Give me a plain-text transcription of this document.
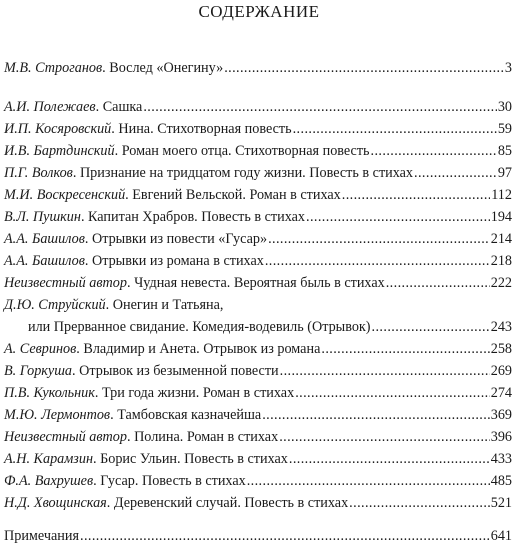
СОДЕРЖАНИЕ
М.В. Строганов . Вослед «Онегину» .....	3
А.И. Полежаев . Сашка .....	30
И.П. Косяровский . Нина. Стихотворная повесть .....	59
И.В. Бартдинский . Роман моего отца. Стихотворная повесть .....	85
П.Г. Волков . Признание на тридцатом году жизни. Повесть в стихах .....	97
М.И. Воскресенский . Евгений Вельской. Роман в стихах .....	112
В.Л. Пушкин . Капитан Храбров. Повесть в стихах .....	194
А.А. Башилов . Отрывки из повести «Гусар» .....	214
А.А. Башилов . Отрывки из романа в стихах .....	218
Неизвестный автор . Чудная невеста. Вероятная быль в стихах .....	222
Д.Ю. Струйский. Онегин и Татьяна,
или Прерванное свидание. Комедия-водевиль (Отрывок) .....	243
А. Севринов . Владимир и Анета. Отрывок из романа .....	258
В. Горкуша . Отрывок из безыменной повести .....	269
П.В. Кукольник . Три года жизни. Роман в стихах .....	274
М.Ю. Лермонтов . Тамбовская казначейша .....	369
Неизвестный автор . Полина. Роман в стихах .....	396
А.Н. Карамзин . Борис Ульин. Повесть в стихах .....	433
Ф.А. Вахрушев . Гусар. Повесть в стихах .....	485
Н.Д. Хвощинская . Деревенский случай. Повесть в стихах .....	521
Примечания .....	641
